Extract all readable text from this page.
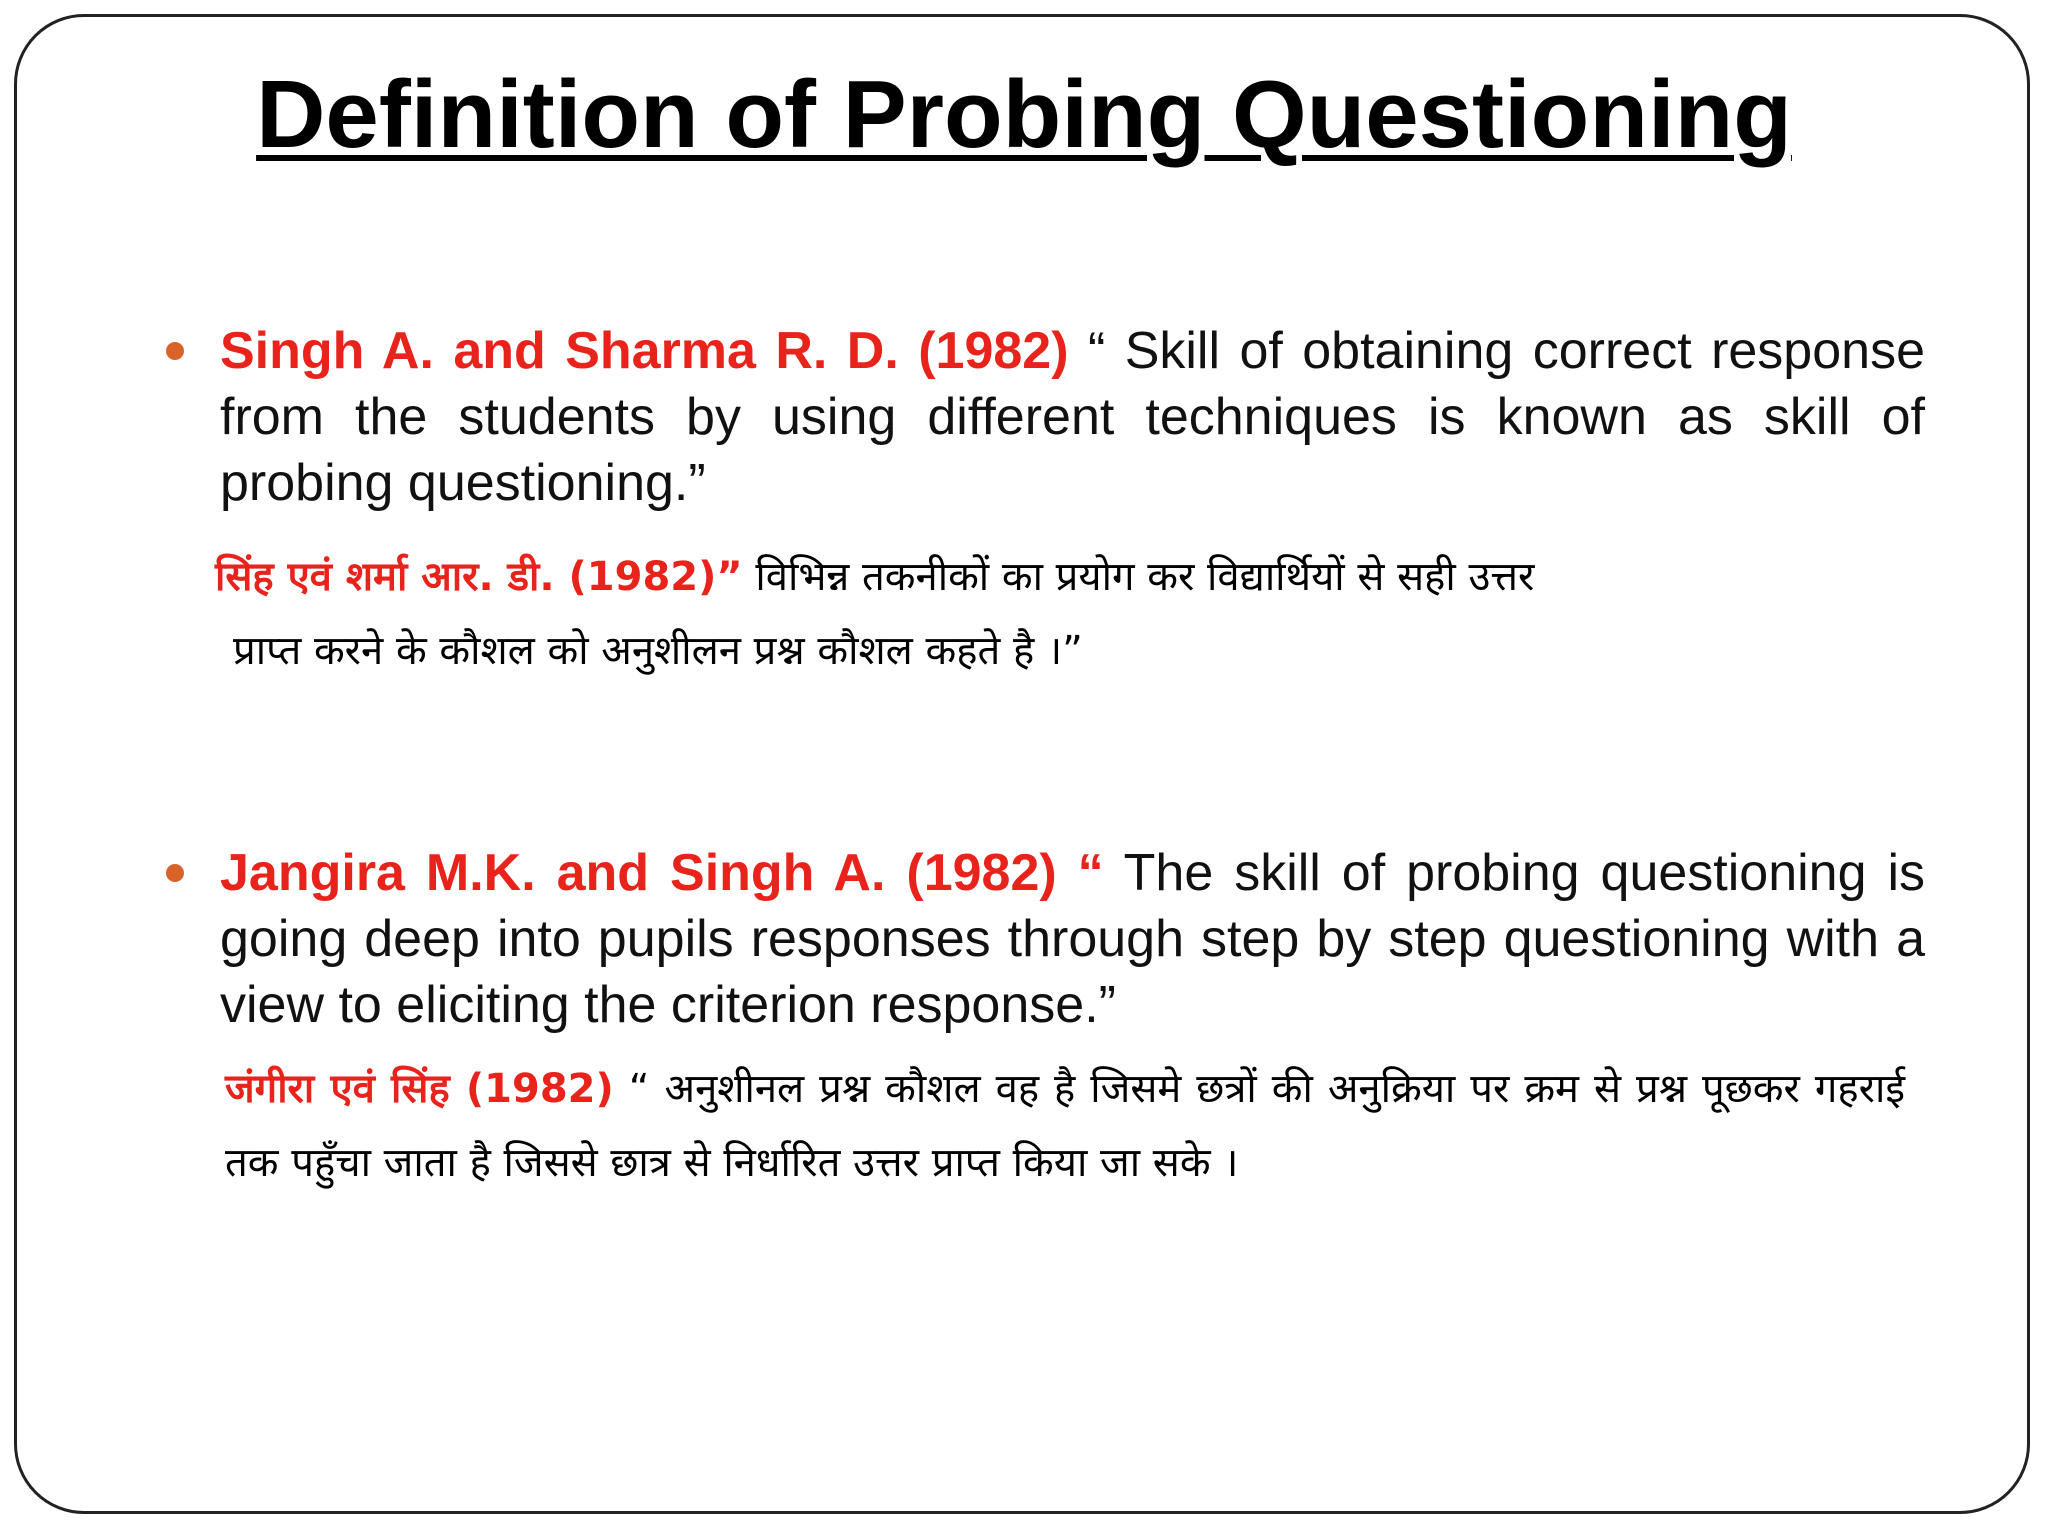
Definition of Probing Questioning

Singh A. and Sharma R. D. (1982) “ Skill of obtaining correct response from the students by using different techniques is known as skill of probing questioning.”

सिंह एवं शर्मा आर. डी. (1982)” विभिन्न तकनीकों का प्रयोग कर विद्यार्थियों से सही उत्तर
प्राप्त करने के कौशल को अनुशीलन प्रश्न कौशल कहते है ।”

Jangira M.K. and Singh A. (1982) “ The skill of probing questioning is going deep into pupils responses through step by step questioning with a view to eliciting the criterion response.”

जंगीरा एवं सिंह (1982) “ अनुशीनल प्रश्न कौशल वह है जिसमे छत्रों की अनुक्रिया पर क्रम से प्रश्न पूछकर गहराई तक पहुँचा जाता है जिससे छात्र से निर्धारित उत्तर प्राप्त किया जा सके ।
